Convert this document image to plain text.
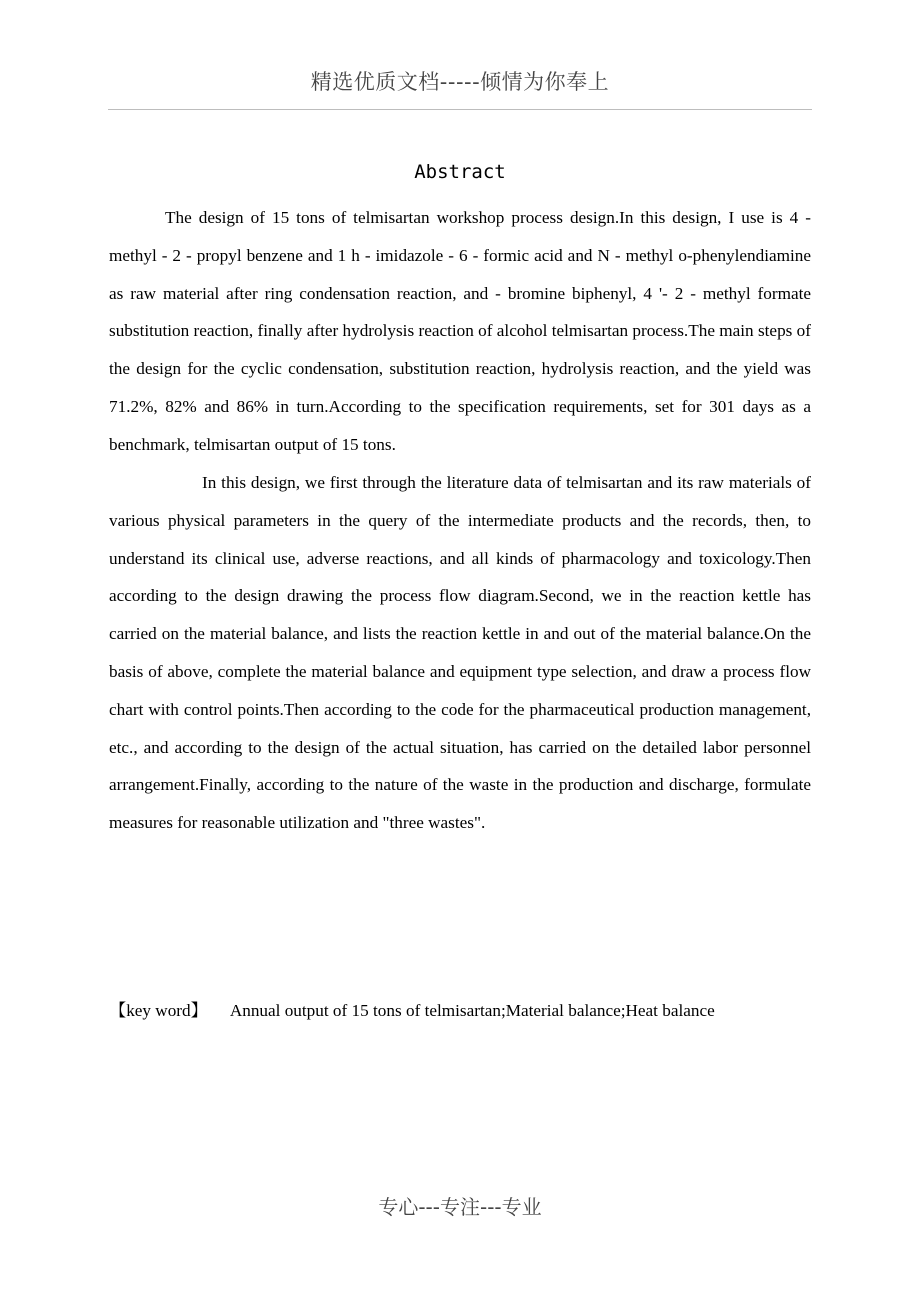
精选优质文档-----倾情为你奉上
Abstract
The design of 15 tons of telmisartan workshop process design.In this design, I use is 4 - methyl - 2 - propyl benzene and 1 h - imidazole - 6 - formic acid and N - methyl o-phenylendiamine as raw material after ring condensation reaction, and - bromine biphenyl, 4 '- 2 - methyl formate substitution reaction, finally after hydrolysis reaction of alcohol telmisartan process.The main steps of the design for the cyclic condensation, substitution reaction, hydrolysis reaction, and the yield was 71.2%, 82% and 86% in turn.According to the specification requirements, set for 301 days as a benchmark, telmisartan output of 15 tons.
In this design, we first through the literature data of telmisartan and its raw materials of various physical parameters in the query of the intermediate products and the records, then, to understand its clinical use, adverse reactions, and all kinds of pharmacology and toxicology.Then according to the design drawing the process flow diagram.Second, we in the reaction kettle has carried on the material balance, and lists the reaction kettle in and out of the material balance.On the basis of above, complete the material balance and equipment type selection, and draw a process flow chart with control points.Then according to the code for the pharmaceutical production management, etc., and according to the design of the actual situation, has carried on the detailed labor personnel arrangement.Finally, according to the nature of the waste in the production and discharge, formulate measures for reasonable utilization and "three wastes".
【key word】 Annual output of 15 tons of telmisartan;Material balance;Heat balance
专心---专注---专业
